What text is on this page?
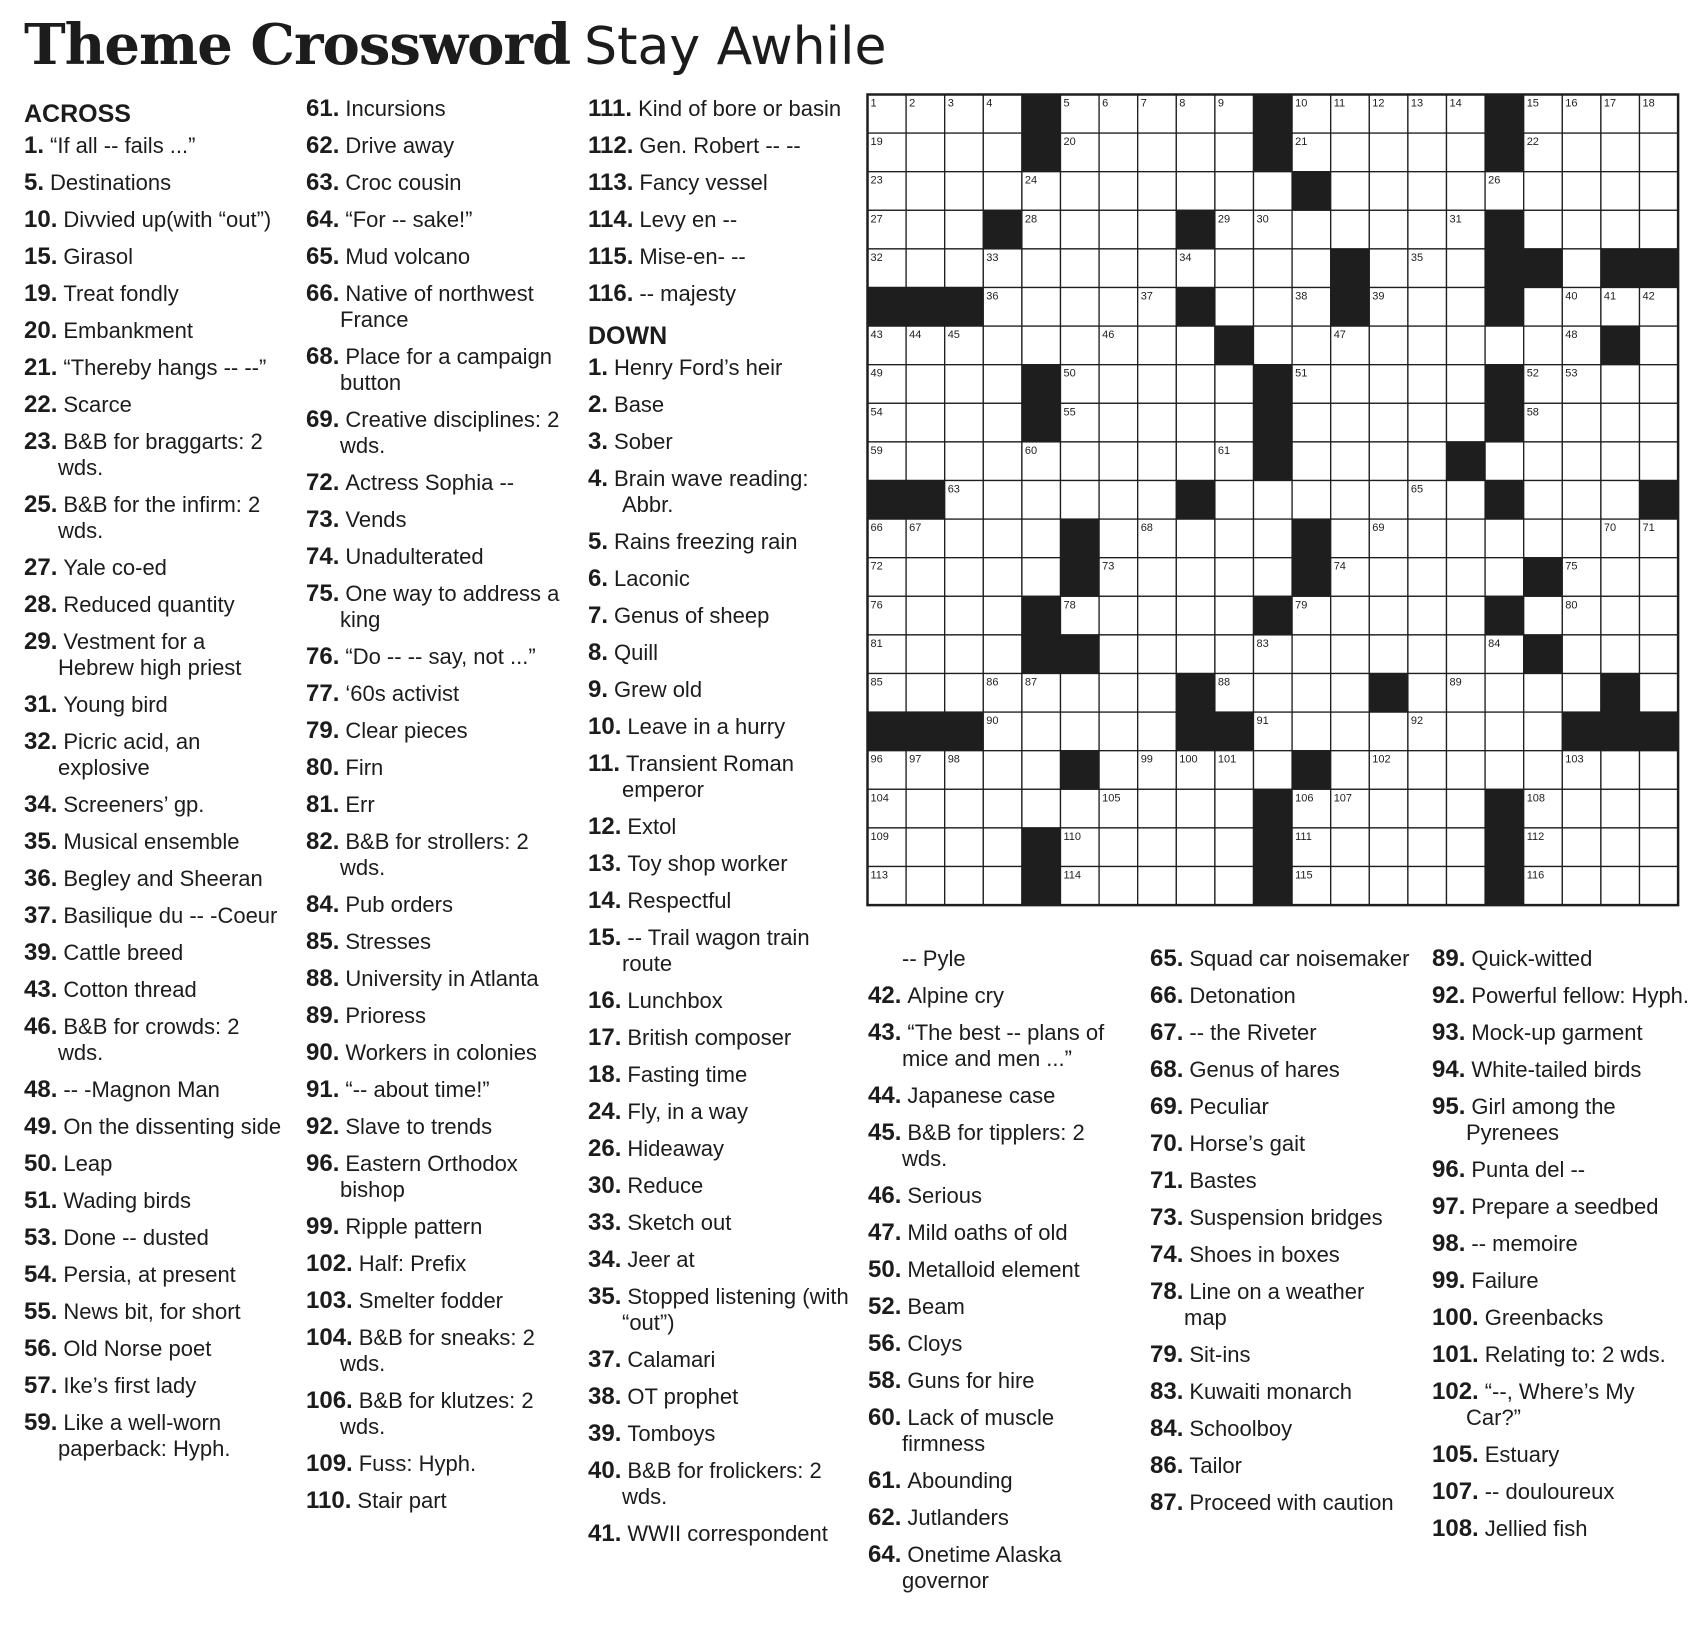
Theme Crossword Stay Awhile
ACROSS
1. “If all -- fails ...”
5. Destinations
10. Divvied up(with “out”)
15. Girasol
19. Treat fondly
20. Embankment
21. “Thereby hangs -- --”
22. Scarce
23. B&B for braggarts: 2 wds.
25. B&B for the infirm: 2 wds.
27. Yale co-ed
28. Reduced quantity
29. Vestment for a Hebrew high priest
31. Young bird
32. Picric acid, an explosive
34. Screeners’ gp.
35. Musical ensemble
36. Begley and Sheeran
37. Basilique du -- -Coeur
39. Cattle breed
43. Cotton thread
46. B&B for crowds: 2 wds.
48. -- -Magnon Man
49. On the dissenting side
50. Leap
51. Wading birds
53. Done -- dusted
54. Persia, at present
55. News bit, for short
56. Old Norse poet
57. Ike’s first lady
59. Like a well-worn paperback: Hyph.
61. Incursions
62. Drive away
63. Croc cousin
64. “For -- sake!”
65. Mud volcano
66. Native of northwest France
68. Place for a campaign button
69. Creative disciplines: 2 wds.
72. Actress Sophia --
73. Vends
74. Unadulterated
75. One way to address a king
76. “Do -- -- say, not ...”
77. ‘60s activist
79. Clear pieces
80. Firn
81. Err
82. B&B for strollers: 2 wds.
84. Pub orders
85. Stresses
88. University in Atlanta
89. Prioress
90. Workers in colonies
91. “-- about time!”
92. Slave to trends
96. Eastern Orthodox bishop
99. Ripple pattern
102. Half: Prefix
103. Smelter fodder
104. B&B for sneaks: 2 wds.
106. B&B for klutzes: 2 wds.
109. Fuss: Hyph.
110. Stair part
111. Kind of bore or basin
112. Gen. Robert -- --
113. Fancy vessel
114. Levy en --
115. Mise-en- --
116. -- majesty
DOWN
1. Henry Ford’s heir
2. Base
3. Sober
4. Brain wave reading: Abbr.
5. Rains freezing rain
6. Laconic
7. Genus of sheep
8. Quill
9. Grew old
10. Leave in a hurry
11. Transient Roman emperor
12. Extol
13. Toy shop worker
14. Respectful
15. -- Trail wagon train route
16. Lunchbox
17. British composer
18. Fasting time
24. Fly, in a way
26. Hideaway
30. Reduce
33. Sketch out
34. Jeer at
35. Stopped listening (with “out”)
37. Calamari
38. OT prophet
39. Tomboys
40. B&B for frolickers: 2 wds.
41. WWII correspondent
-- Pyle
42. Alpine cry
43. “The best -- plans of mice and men ...”
44. Japanese case
45. B&B for tipplers: 2 wds.
46. Serious
47. Mild oaths of old
50. Metalloid element
52. Beam
56. Cloys
58. Guns for hire
60. Lack of muscle firmness
61. Abounding
62. Jutlanders
64. Onetime Alaska governor
65. Squad car noisemaker
66. Detonation
67. -- the Riveter
68. Genus of hares
69. Peculiar
70. Horse’s gait
71. Bastes
73. Suspension bridges
74. Shoes in boxes
78. Line on a weather map
79. Sit-ins
83. Kuwaiti monarch
84. Schoolboy
86. Tailor
87. Proceed with caution
89. Quick-witted
92. Powerful fellow: Hyph.
93. Mock-up garment
94. White-tailed birds
95. Girl among the Pyrenees
96. Punta del --
97. Prepare a seedbed
98. -- memoire
99. Failure
100. Greenbacks
101. Relating to: 2 wds.
102. “--, Where’s My Car?”
105. Estuary
107. -- douloureux
108. Jellied fish
1	2	3	4	5	6	7	8	9	10 11 12 13 14	15 16 17 18
19	20	21	22
23	24	25	26
27	28	29 30	31
32	33	34	35
36	37	38	39	40 41 42
43 44 45	46	47	48
49	50	51	52 53
54	55	56	57 58
59	60	61	62
63	64	65
66 67	68	69	70 71
72	73	74	75
76	77 78	79	80
81	82	83	84
85	86 87	88	89
90	91	92	93 94 95
96 97 98	99 100 101	102	103
104	105	106 107	108
109	110	111	112
113	114	115	116
